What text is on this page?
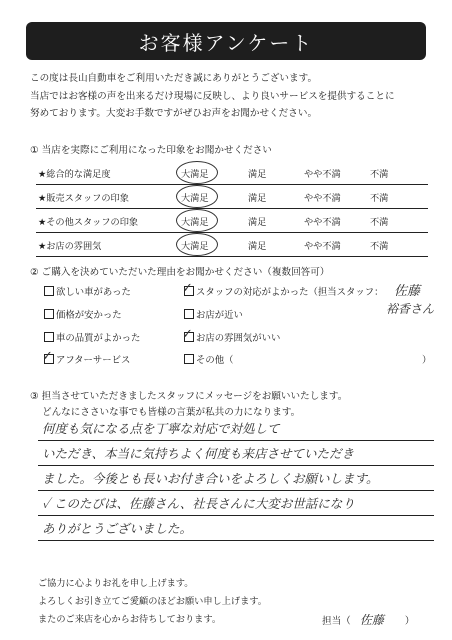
お客様アンケート
この度は長山自動車をご利用いただき誠にありがとうございます。
当店ではお客様の声を出来るだけ現場に反映し、より良いサービスを提供することに
努めております。大変お手数ですがぜひお声をお聞かせください。
① 当店を実際にご利用になった印象をお聞かせください
★総合的な満足度	大満足	満足	やや不満	不満
★販売スタッフの印象	大満足	満足	やや不満	不満
★その他スタッフの印象	大満足	満足	やや不満	不満
★お店の雰囲気	大満足	満足	やや不満	不満
② ご購入を決めていただいた理由をお聞かせください（複数回答可）
欲しい車があった	✓ スタッフの対応がよかった（担当スタッフ： 佐藤
裕香さん
価格が安かった	お店が近い
車の品質がよかった	✓ お店の雰囲気がいい
✓ アフターサービス	その他（	）
③ 担当させていただきましたスタッフにメッセージをお願いいたします。
どんなにささいな事でも皆様の言葉が私共の力になります。
何度も気になる点を丁寧な対応で対処して
いただき、本当に気持ちよく何度も来店させていただき
ました。今後とも長いお付き合いをよろしくお願いします。
✓ このたびは、佐藤さん、社長さんに大変お世話になり
ありがとうございました。
ご協力に心よりお礼を申し上げます。
よろしくお引き立てご愛顧のほどお願い申し上げます。
またのご来店を心からお待ちしております。	担当（ 佐藤 ）
